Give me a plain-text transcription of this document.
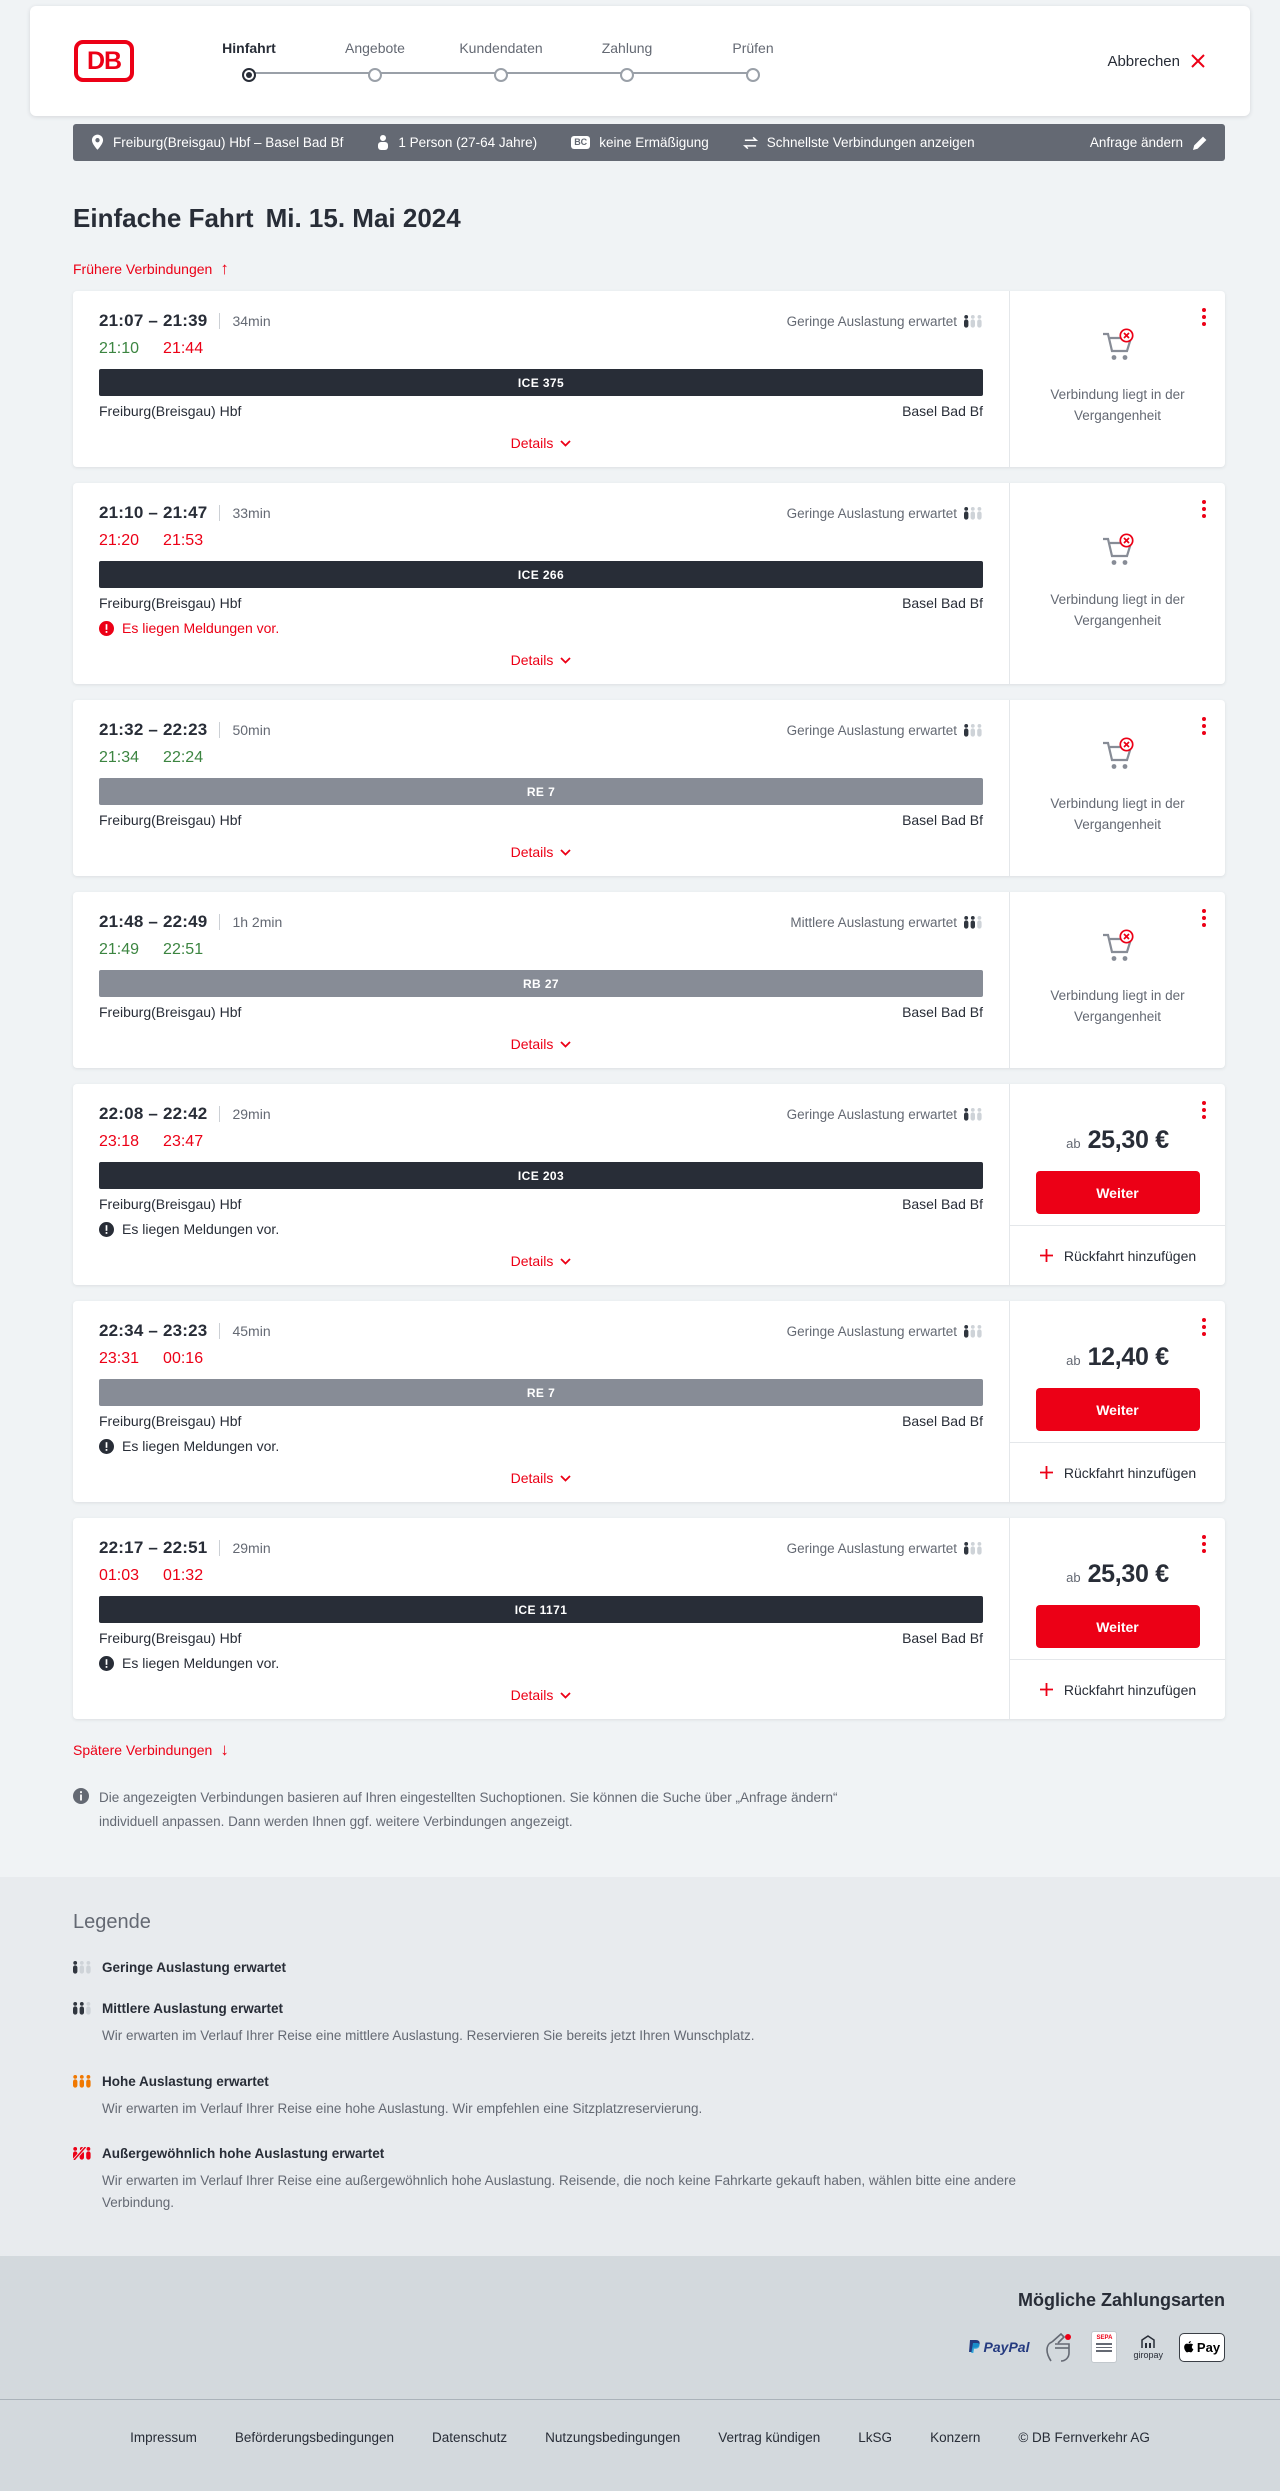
DB	Hinfahrt	Angebote	Kundendaten	Zahlung	Prüfen
Abbrechen
Freiburg(Breisgau) Hbf – Basel Bad Bf	1 Person (27-64 Jahre)	BC keine Ermäßigung	Schnellste Verbindungen anzeigen	Anfrage ändern
Einfache Fahrt Mi. 15. Mai 2024
Frühere Verbindungen ↑
21:07 – 21:39 34min	Geringe Auslastung erwartet
21:10 21:44
ICE 375
Freiburg(Breisgau) Hbf	Basel Bad Bf
Details

Verbindung liegt in der Vergangenheit

21:10 – 21:47 33min	Geringe Auslastung erwartet
21:20 21:53
ICE 266
Freiburg(Breisgau) Hbf	Basel Bad Bf
Es liegen Meldungen vor.
Details

Verbindung liegt in der Vergangenheit

21:32 – 22:23 50min	Geringe Auslastung erwartet
21:34 22:24
RE 7
Freiburg(Breisgau) Hbf	Basel Bad Bf
Details

Verbindung liegt in der Vergangenheit

21:48 – 22:49 1h 2min	Mittlere Auslastung erwartet
21:49 22:51
RB 27
Freiburg(Breisgau) Hbf	Basel Bad Bf
Details

Verbindung liegt in der Vergangenheit

22:08 – 22:42 29min	Geringe Auslastung erwartet
23:18 23:47
ICE 203
Freiburg(Breisgau) Hbf	Basel Bad Bf
Es liegen Meldungen vor.
Details
ab 25,30 €
Weiter
Rückfahrt hinzufügen
22:34 – 23:23 45min	Geringe Auslastung erwartet
23:31 00:16
RE 7
Freiburg(Breisgau) Hbf	Basel Bad Bf
Es liegen Meldungen vor.
Details
ab 12,40 €
Weiter
Rückfahrt hinzufügen
22:17 – 22:51 29min	Geringe Auslastung erwartet
01:03 01:32
ICE 1171
Freiburg(Breisgau) Hbf	Basel Bad Bf
Es liegen Meldungen vor.
Details
ab 25,30 €
Weiter
Rückfahrt hinzufügen
Spätere Verbindungen ↓

Die angezeigten Verbindungen basieren auf Ihren eingestellten Suchoptionen. Sie können die Suche über „Anfrage ändern“ individuell anpassen. Dann werden Ihnen ggf. weitere Verbindungen angezeigt.

Legende
Geringe Auslastung erwartet
Mittlere Auslastung erwartet

Wir erwarten im Verlauf Ihrer Reise eine mittlere Auslastung. Reservieren Sie bereits jetzt Ihren Wunschplatz.

Hohe Auslastung erwartet

Wir erwarten im Verlauf Ihrer Reise eine hohe Auslastung. Wir empfehlen eine Sitzplatzreservierung.

Außergewöhnlich hohe Auslastung erwartet

Wir erwarten im Verlauf Ihrer Reise eine außergewöhnlich hohe Auslastung. Reisende, die noch keine Fahrkarte gekauft haben, wählen bitte eine andere Verbindung.

Mögliche Zahlungsarten
PayPal
SEPA
giropay	Pay
Impressum	Beförderungsbedingungen	Datenschutz	Nutzungsbedingungen	Vertrag kündigen	LkSG	Konzern	© DB Fernverkehr AG
